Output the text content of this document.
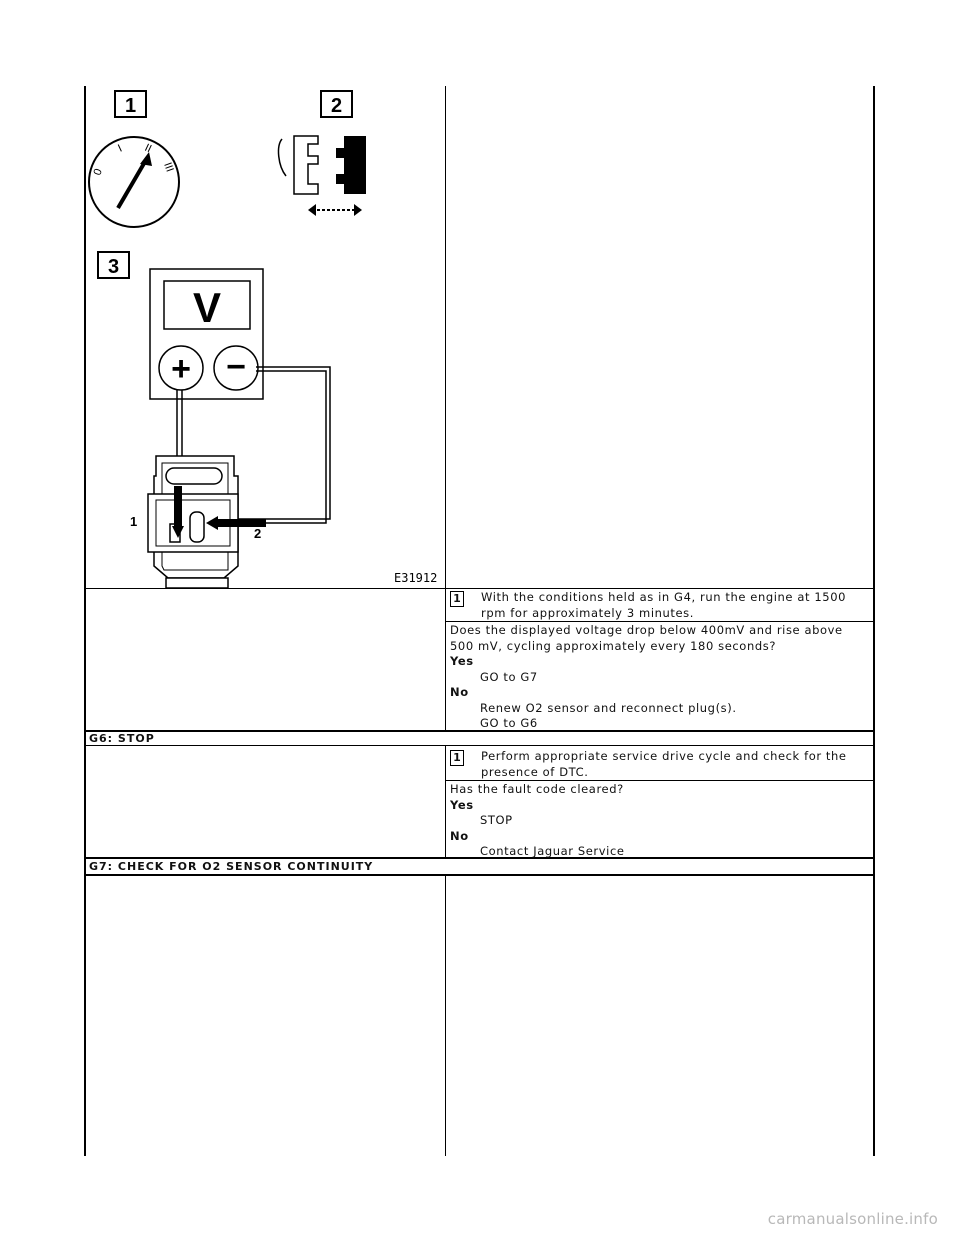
1	2
3
0
I II
III
V
+ −
1
2
E31912
1 With the conditions held as in G4, run the engine at 1500 rpm for approximately 3 minutes.
Does the displayed voltage drop below 400mV and rise above 500 mV, cycling approximately every 180 seconds?
Yes
GO to G7
No
Renew O2 sensor and reconnect plug(s).
GO to G6
G6: STOP
1 Perform appropriate service drive cycle and check for the presence of DTC.
Has the fault code cleared?
Yes
STOP
No
Contact Jaguar Service
G7: CHECK FOR O2 SENSOR CONTINUITY
carmanualsonline.info
